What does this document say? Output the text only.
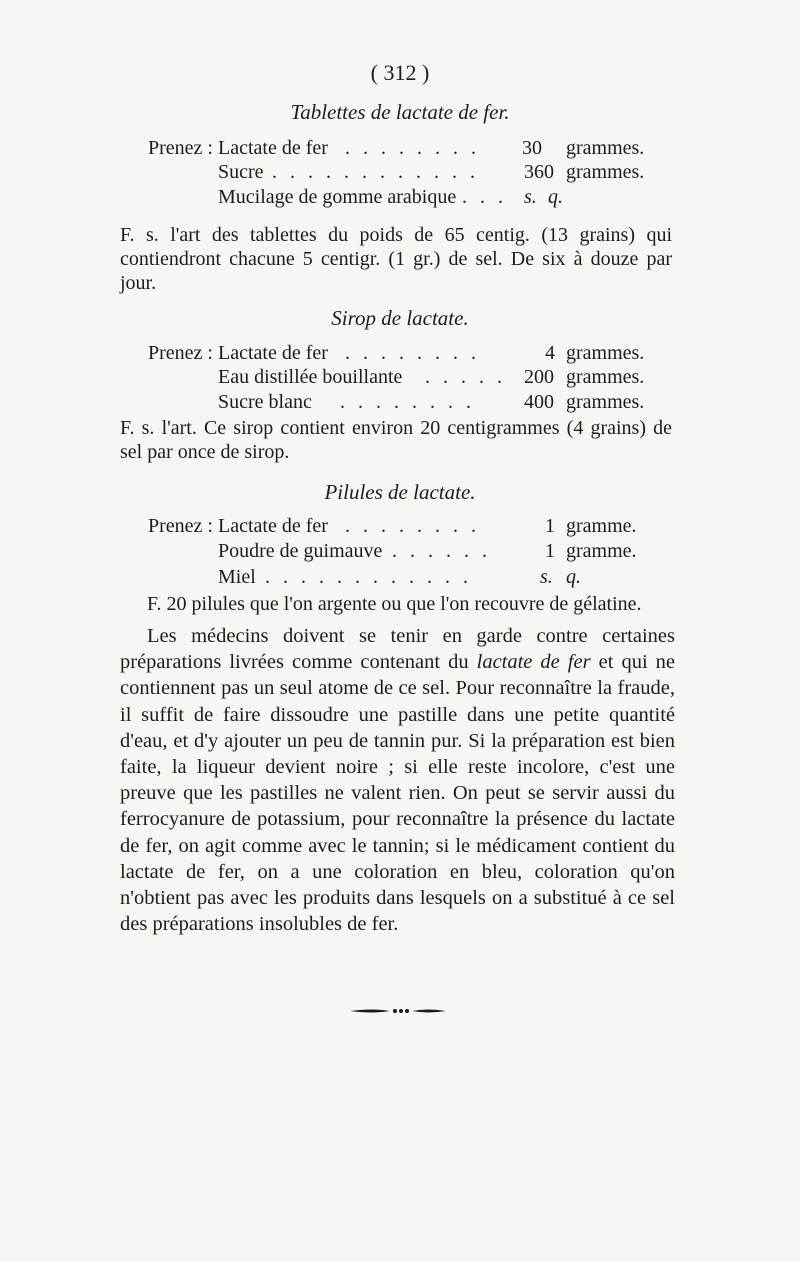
( 312 )
Tablettes de lactate de fer.
Prenez : Lactate de fer . . . . . . . . 30 grammes.
Sucre . . . . . . . . . . . . 360 grammes.
Mucilage de gomme arabique . . . s. q.
F. s. l'art des tablettes du poids de 65 centig. (13 grains) qui contiendront chacune 5 centigr. (1 gr.) de sel. De six à douze par jour.
Sirop de lactate.
Prenez : Lactate de fer . . . . . . . .	4 grammes.
Eau distillée bouillante . . . . . 200 grammes.
Sucre blanc . . . . . . . . 400 grammes.
F. s. l'art. Ce sirop contient environ 20 centigrammes (4 grains) de sel par once de sirop.
Pilules de lactate.
Prenez : Lactate de fer . . . . . . . .	1 gramme.
Poudre de guimauve . . . . . .	1 gramme.
Miel . . . . . . . . . . . .	s. q.
F. 20 pilules que l'on argente ou que l'on recouvre de gélatine.
Les médecins doivent se tenir en garde contre certaines préparations livrées comme contenant du lactate de fer et qui ne contiennent pas un seul atome de ce sel. Pour reconnaître la fraude, il suffit de faire dissoudre une pastille dans une petite quantité d'eau, et d'y ajouter un peu de tannin pur. Si la préparation est bien faite, la liqueur devient noire ; si elle reste incolore, c'est une preuve que les pastilles ne valent rien. On peut se servir aussi du ferrocyanure de potassium, pour reconnaître la présence du lactate de fer, on agit comme avec le tannin; si le médicament contient du lactate de fer, on a une coloration en bleu, coloration qu'on n'obtient pas avec les produits dans lesquels on a substitué à ce sel des préparations insolubles de fer.
